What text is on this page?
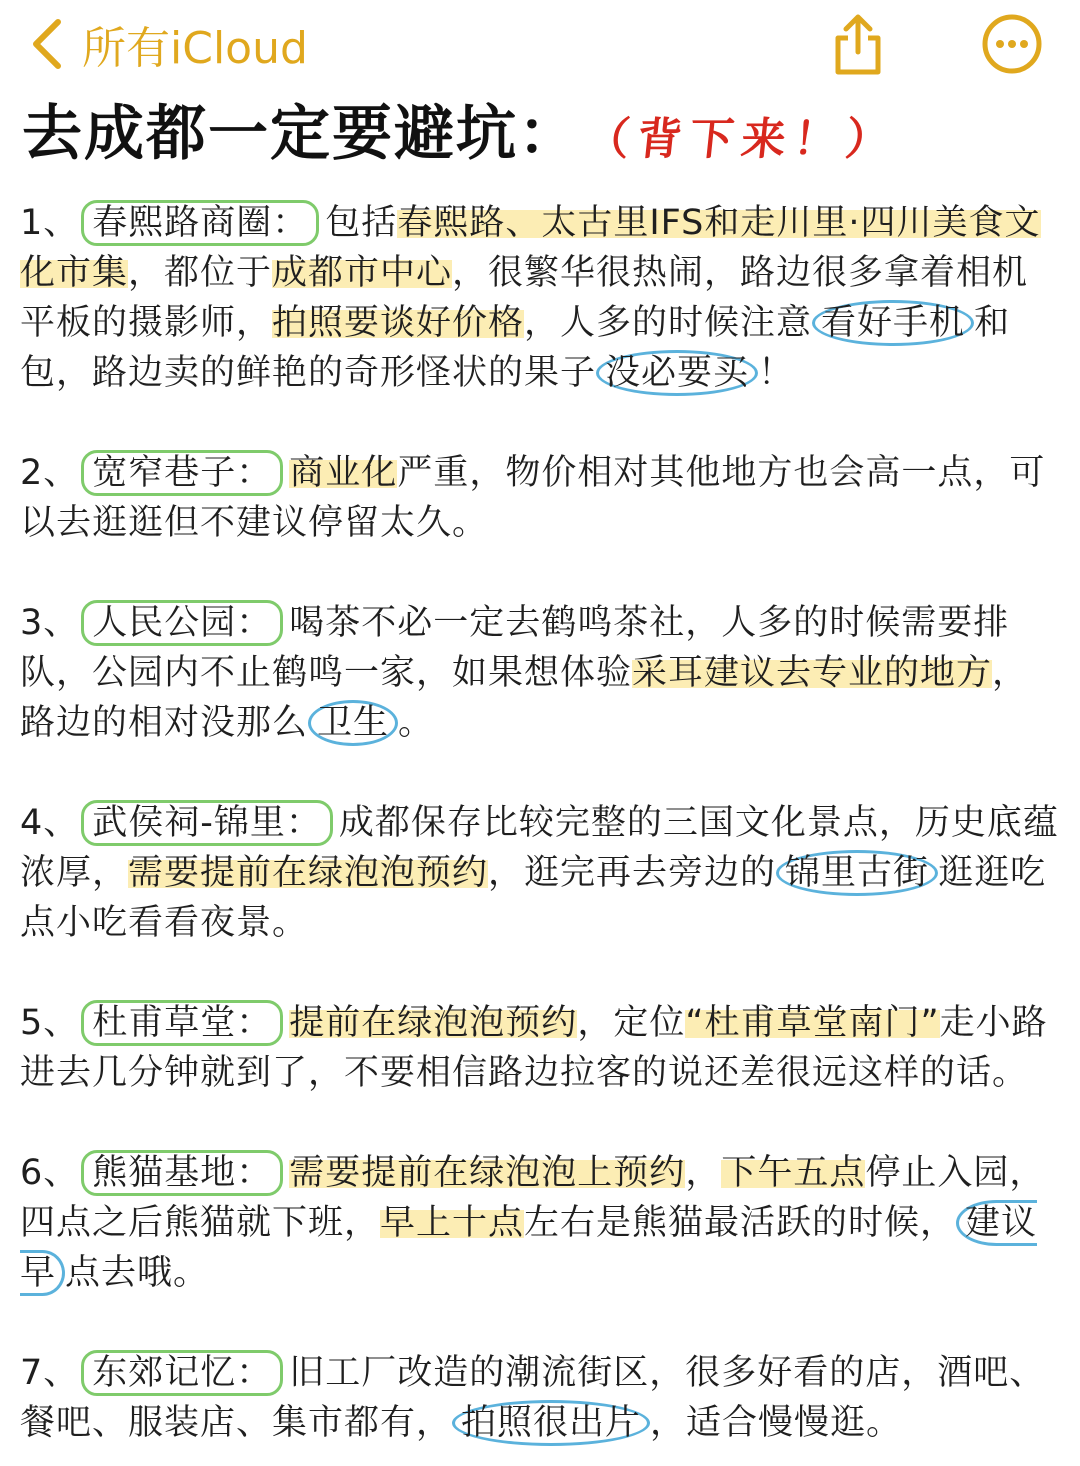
所有iCloud
去成都一定要避坑： （背下来！）
1、 春熙路商圈： 包括春熙路、太古里IFS和走川里·四川美食文化市集，都位于成都市中心，很繁华很热闹，路边很多拿着相机平板的摄影师，拍照要谈好价格，人多的时候注意 看好手机 和包，路边卖的鲜艳的奇形怪状的果子 没必要买 ！
2、 宽窄巷子： 商业化严重，物价相对其他地方也会高一点，可以去逛逛但不建议停留太久。
3、 人民公园： 喝茶不必一定去鹤鸣茶社，人多的时候需要排队，公园内不止鹤鸣一家，如果想体验采耳建议去专业的地方，路边的相对没那么 卫生 。
4、 武侯祠-锦里： 成都保存比较完整的三国文化景点，历史底蕴浓厚，需要提前在绿泡泡预约，逛完再去旁边的 锦里古街 逛逛吃点小吃看看夜景。
5、 杜甫草堂： 提前在绿泡泡预约，定位“杜甫草堂南门”走小路进去几分钟就到了，不要相信路边拉客的说还差很远这样的话。
6、 熊猫基地： 需要提前在绿泡泡上预约，下午五点停止入园，四点之后熊猫就下班，早上十点左右是熊猫最活跃的时候， 建议早 点去哦。
7、 东郊记忆： 旧工厂改造的潮流街区，很多好看的店，酒吧、餐吧、服装店、集市都有， 拍照很出片 ，适合慢慢逛。
